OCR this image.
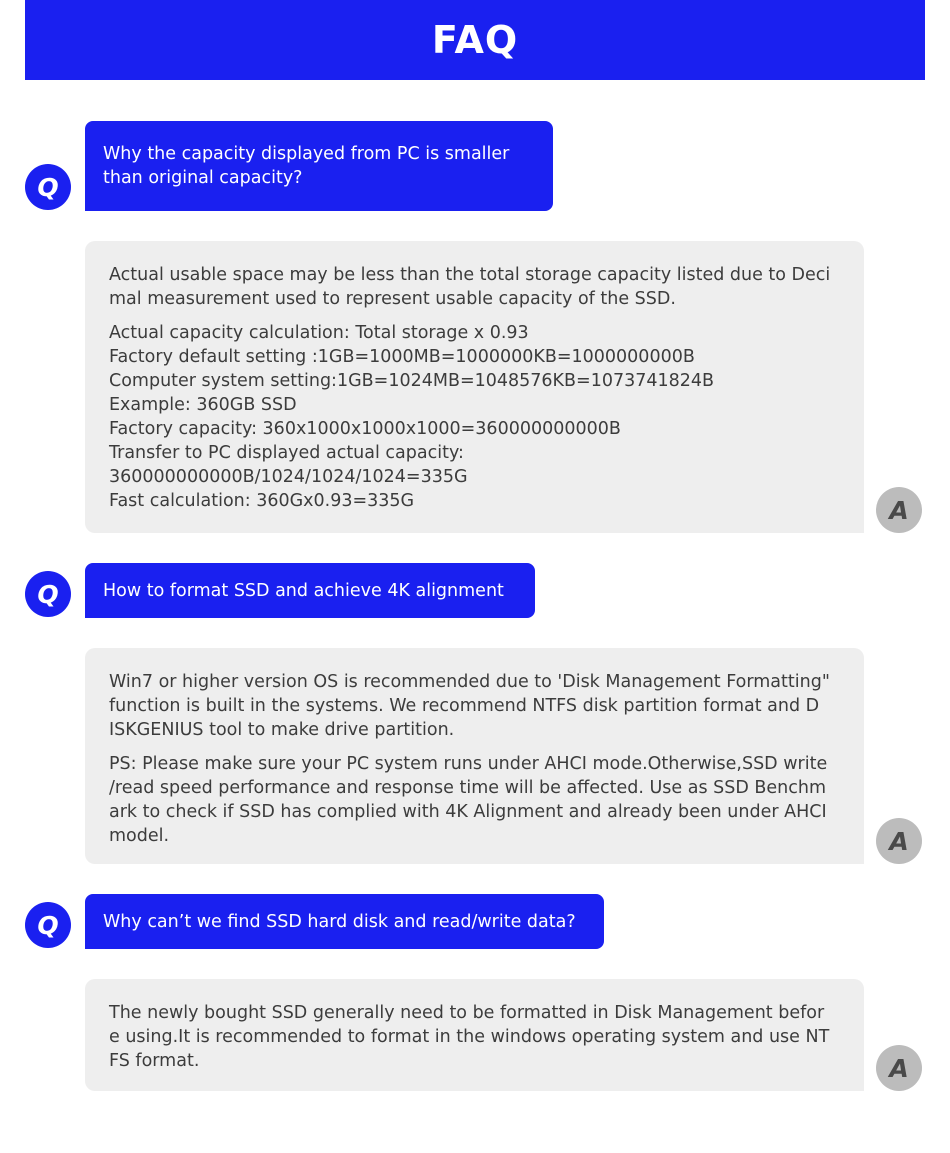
FAQ
Q
Why the capacity displayed from PC is smaller
than original capacity?

Actual usable space may be less than the total storage capacity listed due to Deci
mal measurement used to represent usable capacity of the SSD.

Actual capacity calculation: Total storage x 0.93
Factory default setting :1GB=1000MB=1000000KB=1000000000B
Computer system setting:1GB=1024MB=1048576KB=1073741824B
Example: 360GB SSD
Factory capacity: 360x1000x1000x1000=360000000000B
Transfer to PC displayed actual capacity:
360000000000B/1024/1024/1024=335G
Fast calculation: 360Gx0.93=335G	A
Q	How to format SSD and achieve 4K alignment

Win7 or higher version OS is recommended due to 'Disk Management Formatting"
function is built in the systems. We recommend NTFS disk partition format and D
ISKGENIUS tool to make drive partition.

PS: Please make sure your PC system runs under AHCI mode.Otherwise,SSD write
/read speed performance and response time will be affected. Use as SSD Benchm
ark to check if SSD has complied with 4K Alignment and already been under AHCI
model.	A
Q	Why can’t we find SSD hard disk and read/write data?

The newly bought SSD generally need to be formatted in Disk Management befor
e using.It is recommended to format in the windows operating system and use NT
FS format.	A
